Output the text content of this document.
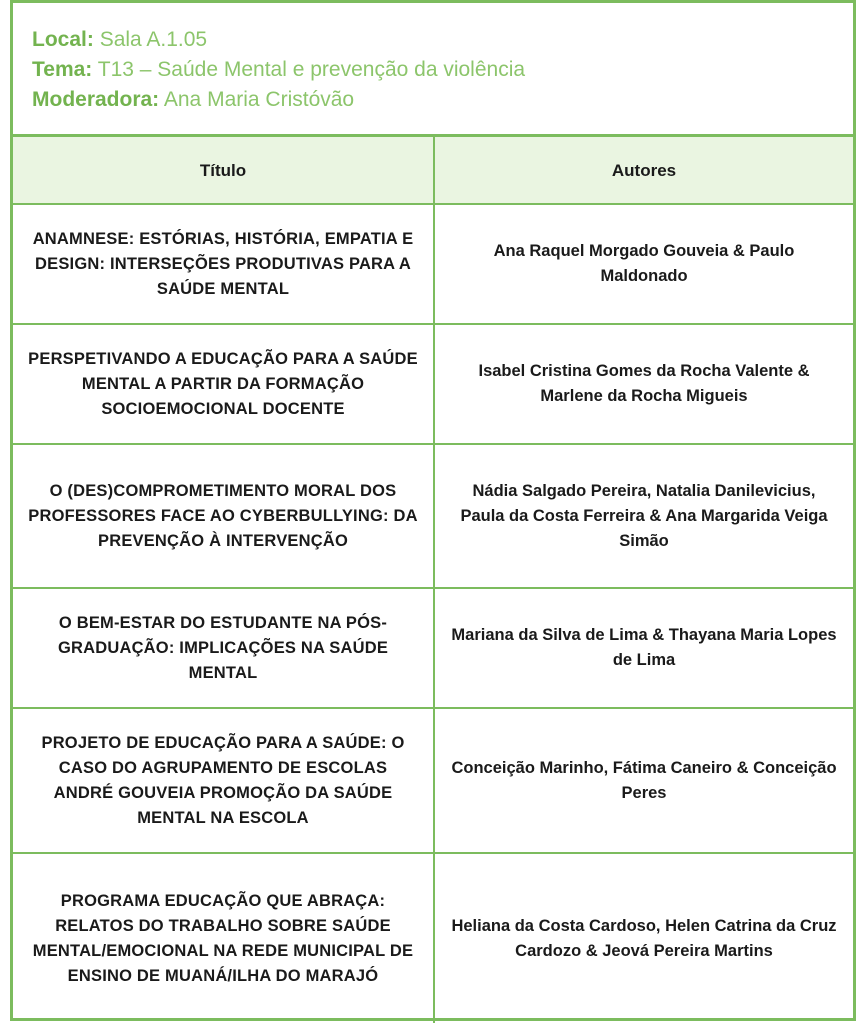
Local: Sala A.1.05
Tema: T13 – Saúde Mental e prevenção da violência
Moderadora: Ana Maria Cristóvão
Título	Autores
ANAMNESE: ESTÓRIAS, HISTÓRIA, EMPATIA E DESIGN: INTERSEÇÕES PRODUTIVAS PARA A SAÚDE MENTAL	Ana Raquel Morgado Gouveia & Paulo Maldonado
PERSPETIVANDO A EDUCAÇÃO PARA A SAÚDE MENTAL A PARTIR DA FORMAÇÃO SOCIOEMOCIONAL DOCENTE	Isabel Cristina Gomes da Rocha Valente & Marlene da Rocha Migueis
O (DES)COMPROMETIMENTO MORAL DOS PROFESSORES FACE AO CYBERBULLYING: DA PREVENÇÃO À INTERVENÇÃO	Nádia Salgado Pereira, Natalia Danilevicius, Paula da Costa Ferreira & Ana Margarida Veiga Simão
O BEM-ESTAR DO ESTUDANTE NA PÓS-GRADUAÇÃO: IMPLICAÇÕES NA SAÚDE MENTAL	Mariana da Silva de Lima & Thayana Maria Lopes de Lima
PROJETO DE EDUCAÇÃO PARA A SAÚDE: O CASO DO AGRUPAMENTO DE ESCOLAS ANDRÉ GOUVEIA PROMOÇÃO DA SAÚDE MENTAL NA ESCOLA	Conceição Marinho, Fátima Caneiro & Conceição Peres
PROGRAMA EDUCAÇÃO QUE ABRAÇA: RELATOS DO TRABALHO SOBRE SAÚDE MENTAL/EMOCIONAL NA REDE MUNICIPAL DE ENSINO DE MUANÁ/ILHA DO MARAJÓ	Heliana da Costa Cardoso, Helen Catrina da Cruz Cardozo & Jeová Pereira Martins
